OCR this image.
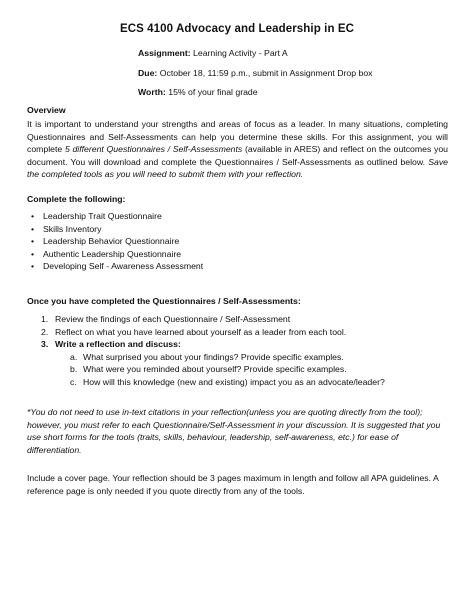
ECS 4100 Advocacy and Leadership in EC
Assignment: Learning Activity - Part A
Due: October 18, 11:59 p.m., submit in Assignment Drop box
Worth: 15% of your final grade
Overview
It is important to understand your strengths and areas of focus as a leader. In many situations, completing Questionnaires and Self-Assessments can help you determine these skills. For this assignment, you will complete 5 different Questionnaires / Self-Assessments (available in ARES) and reflect on the outcomes you document. You will download and complete the Questionnaires / Self-Assessments as outlined below. Save the completed tools as you will need to submit them with your reflection.
Complete the following:
• Leadership Trait Questionnaire
• Skills Inventory
• Leadership Behavior Questionnaire
• Authentic Leadership Questionnaire
• Developing Self - Awareness Assessment
Once you have completed the Questionnaires / Self-Assessments:
1. Review the findings of each Questionnaire / Self-Assessment
2. Reflect on what you have learned about yourself as a leader from each tool.
3. Write a reflection and discuss:
a. What surprised you about your findings? Provide specific examples.
b. What were you reminded about yourself? Provide specific examples.
c. How will this knowledge (new and existing) impact you as an advocate/leader?
*You do not need to use in-text citations in your reflection(unless you are quoting directly from the tool); however, you must refer to each Questionnaire/Self-Assessment in your discussion. It is suggested that you use short forms for the tools (traits, skills, behaviour, leadership, self-awareness, etc.) for ease of differentiation.
Include a cover page. Your reflection should be 3 pages maximum in length and follow all APA guidelines. A reference page is only needed if you quote directly from any of the tools.
